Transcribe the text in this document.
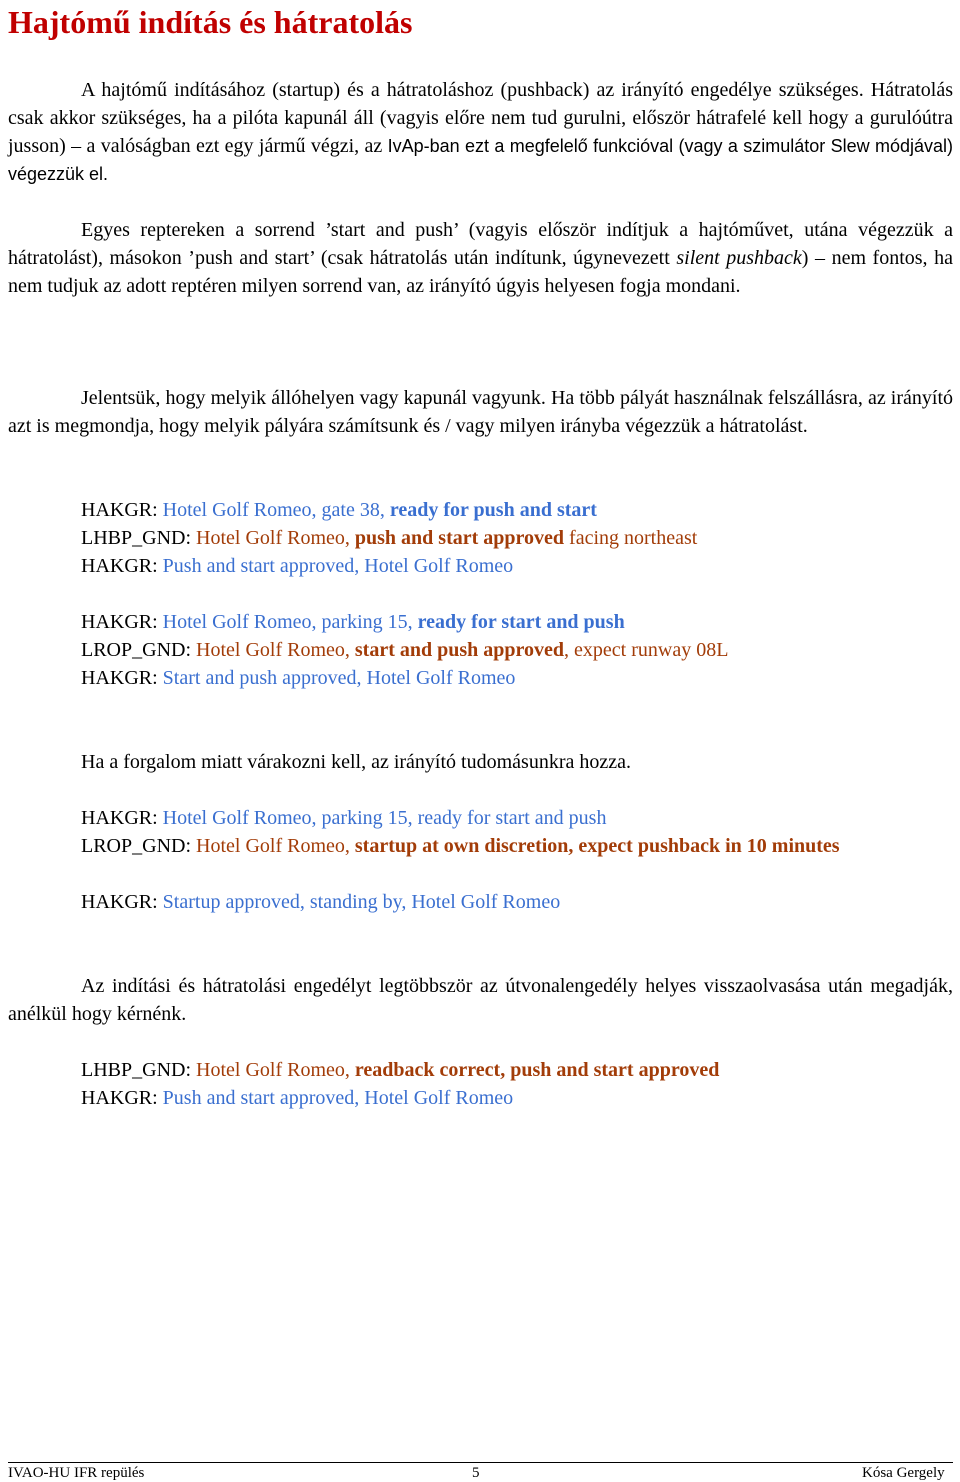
Hajtómű indítás és hátratolás

A hajtómű indításához (startup) és a hátratoláshoz (pushback) az irányító engedélye szükséges. Hátratolás csak akkor szükséges, ha a pilóta kapunál áll (vagyis előre nem tud gurulni, először hátrafelé kell hogy a gurulóútra jusson) – a valóságban ezt egy jármű végzi, az IvAp-ban ezt a megfelelő funkcióval (vagy a szimulátor Slew módjával) végezzük el.

Egyes reptereken a sorrend ’start and push’ (vagyis először indítjuk a hajtóművet, utána végezzük a hátratolást), másokon ’push and start’ (csak hátratolás után indítunk, úgynevezett silent pushback) – nem fontos, ha nem tudjuk az adott reptéren milyen sorrend van, az irányító úgyis helyesen fogja mondani.

Jelentsük, hogy melyik állóhelyen vagy kapunál vagyunk. Ha több pályát használnak felszállásra, az irányító azt is megmondja, hogy melyik pályára számítsunk és / vagy milyen irányba végezzük a hátratolást.

HAKGR: Hotel Golf Romeo, gate 38, ready for push and start

LHBP_GND: Hotel Golf Romeo, push and start approved facing northeast

HAKGR: Push and start approved, Hotel Golf Romeo

HAKGR: Hotel Golf Romeo, parking 15, ready for start and push

LROP_GND: Hotel Golf Romeo, start and push approved, expect runway 08L

HAKGR: Start and push approved, Hotel Golf Romeo

Ha a forgalom miatt várakozni kell, az irányító tudomásunkra hozza.

HAKGR: Hotel Golf Romeo, parking 15, ready for start and push

LROP_GND: Hotel Golf Romeo, startup at own discretion, expect pushback in 10 minutes

HAKGR: Startup approved, standing by, Hotel Golf Romeo

Az indítási és hátratolási engedélyt legtöbbször az útvonalengedély helyes visszaolvasása után megadják, anélkül hogy kérnénk.

LHBP_GND: Hotel Golf Romeo, readback correct, push and start approved

HAKGR: Push and start approved, Hotel Golf Romeo

IVAO-HU IFR repülés	5	Kósa Gergely
